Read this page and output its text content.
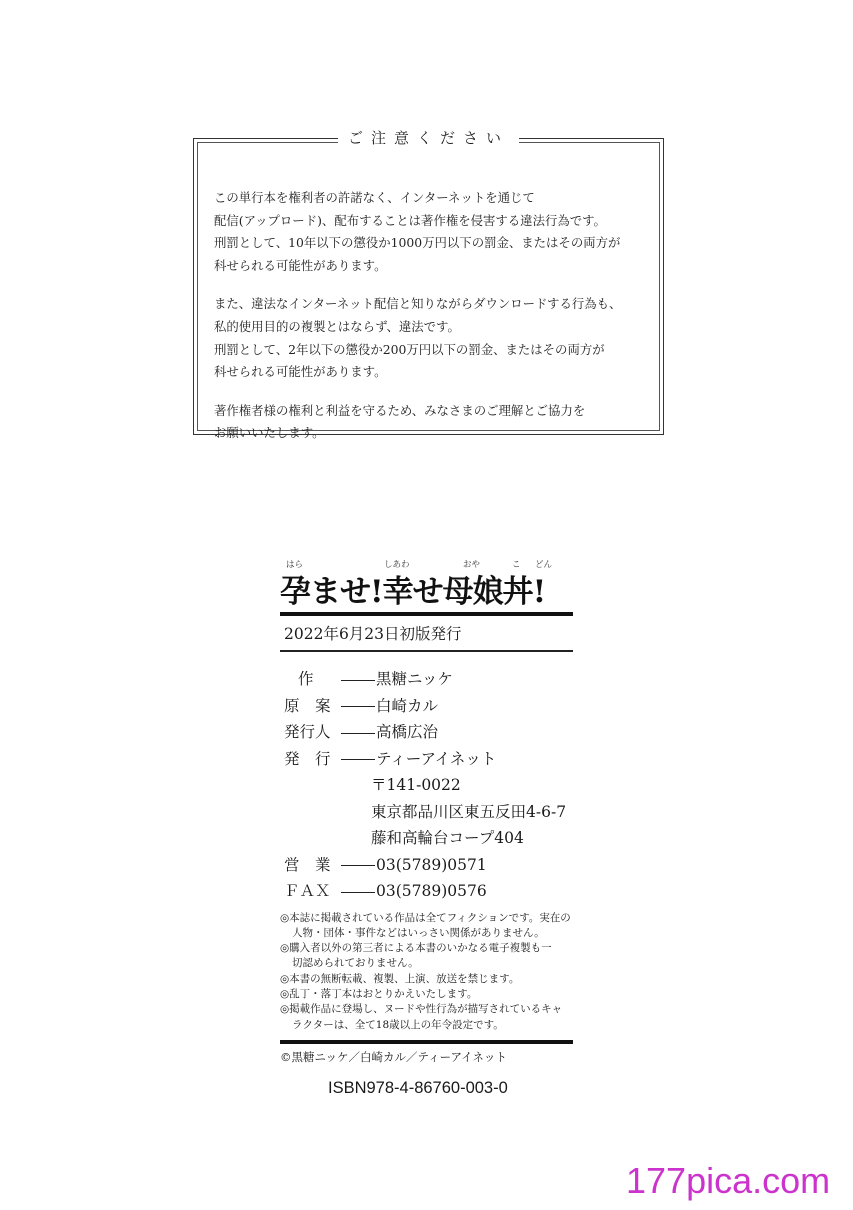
ご注意ください

この単行本を権利者の許諾なく、インターネットを通じて
配信(アップロード)、配布することは著作権を侵害する違法行為です。
刑罰として、10年以下の懲役か1000万円以下の罰金、またはその両方が
科せられる可能性があります。

また、違法なインターネット配信と知りながらダウンロードする行為も、
私的使用目的の複製とはならず、違法です。
刑罰として、2年以下の懲役か200万円以下の罰金、またはその両方が
科せられる可能性があります。

著作権者様の権利と利益を守るため、みなさまのご理解とご協力を
お願いいたします。

はら	しあわ	おや	こ どん
孕ませ!幸せ母娘丼!
2022年6月23日初版発行
作	黒糖ニッケ
原　案	白崎カル
発行人	高橋広治
発　行	ティーアイネット
〒141-0022
東京都品川区東五反田4-6-7
藤和高輪台コープ404
営　業	03(5789)0571
ＦＡＸ	03(5789)0576
◎本誌に掲載されている作品は全てフィクションです。実在の
人物・団体・事件などはいっさい関係がありません。
◎購入者以外の第三者による本書のいかなる電子複製も一
切認められておりません。
◎本書の無断転載、複製、上演、放送を禁じます。
◎乱丁・落丁本はおとりかえいたします。
◎掲載作品に登場し、ヌードや性行為が描写されているキャ
ラクターは、全て18歳以上の年令設定です。
©黒糖ニッケ／白崎カル／ティーアイネット
ISBN978-4-86760-003-0
177pica.com
